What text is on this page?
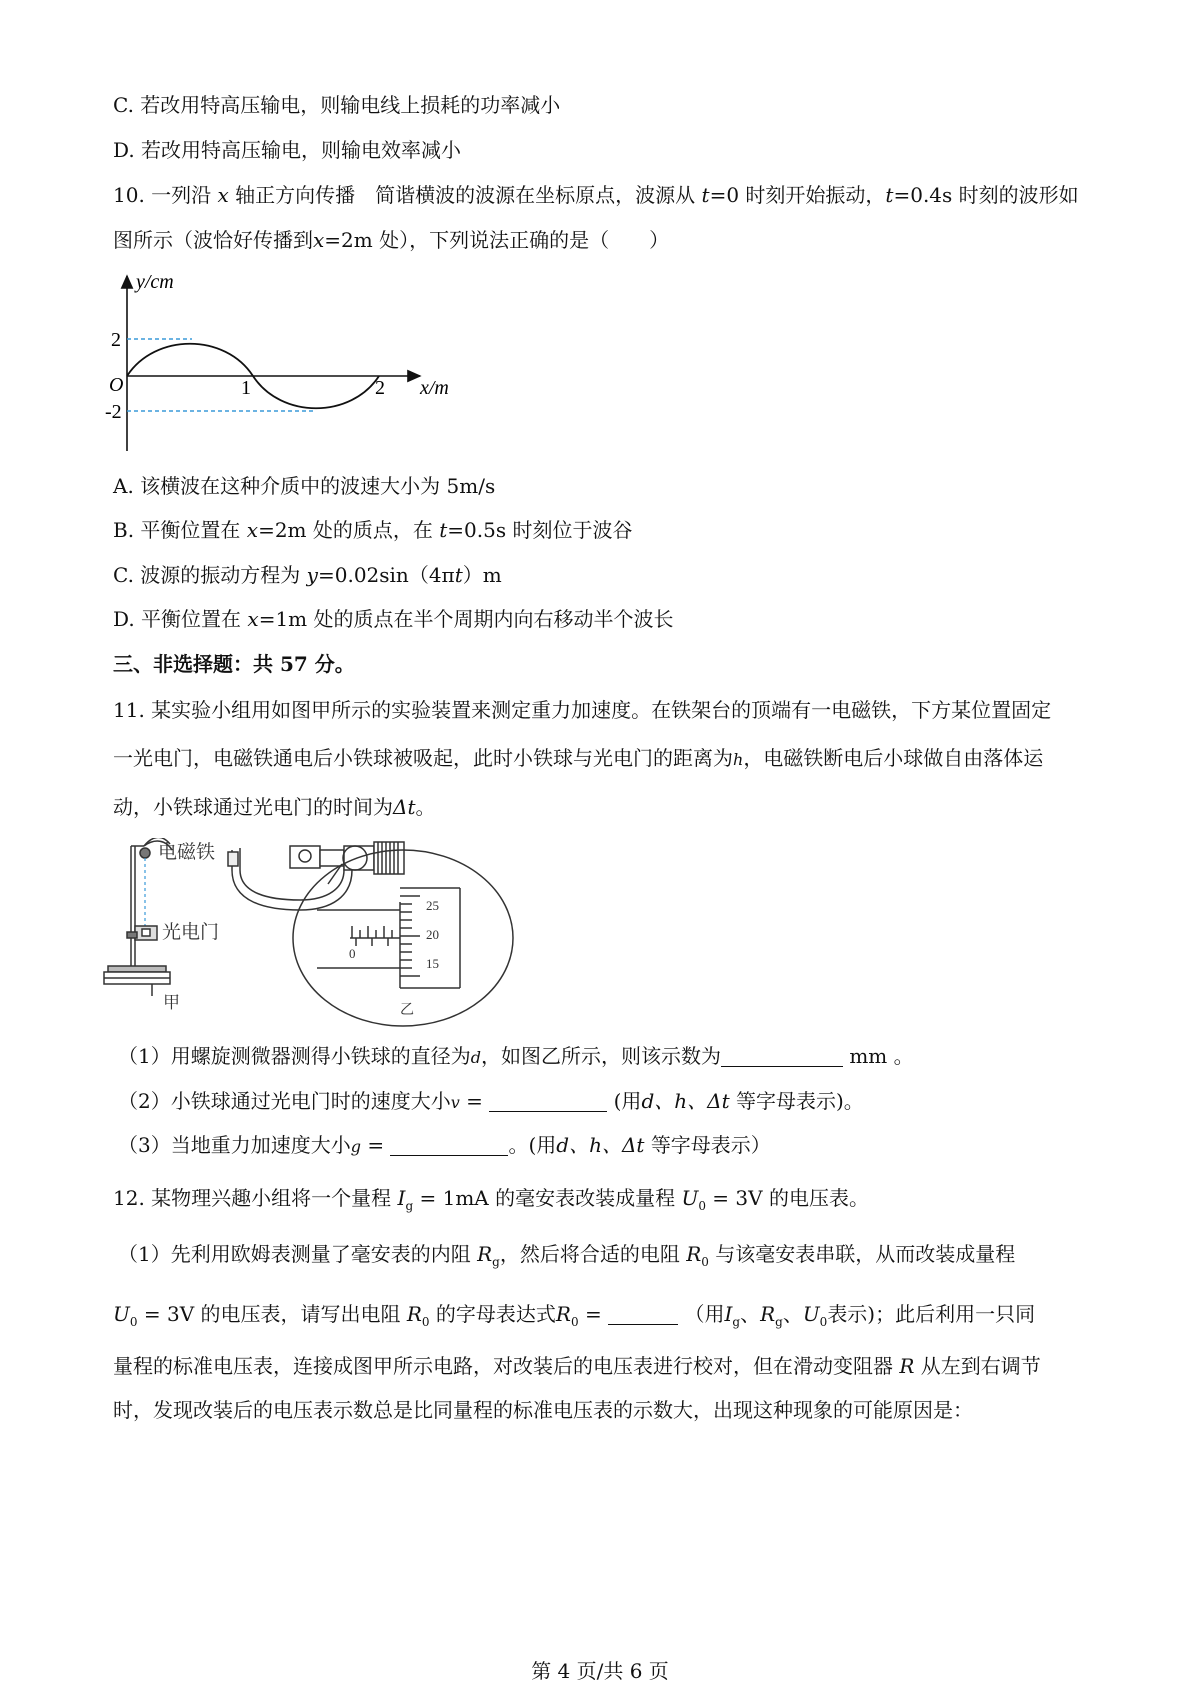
C. 若改用特高压输电，则输电线上损耗的功率减小
D. 若改用特高压输电，则输电效率减小
10. 一列沿 x 轴正方向传播　简谐横波的波源在坐标原点，波源从 t=0 时刻开始振动，t=0.4s 时刻的波形如
图所示（波恰好传播到x=2m 处），下列说法正确的是（　　）
y/cm
x/m
O
2
-2
1	2
A. 该横波在这种介质中的波速大小为 5m/s
B. 平衡位置在 x=2m 处的质点，在 t=0.5s 时刻位于波谷
C. 波源的振动方程为 y=0.02sin（4πt）m
D. 平衡位置在 x=1m 处的质点在半个周期内向右移动半个波长
三、非选择题：共 57 分。
11. 某实验小组用如图甲所示的实验装置来测定重力加速度。在铁架台的顶端有一电磁铁，下方某位置固定
一光电门，电磁铁通电后小铁球被吸起，此时小铁球与光电门的距离为h，电磁铁断电后小球做自由落体运
动，小铁球通过光电门的时间为Δt。
电磁铁
光电门
甲
25
20
15
0
乙
（1）用螺旋测微器测得小铁球的直径为d，如图乙所示，则该示数为	mm 。
（2）小铁球通过光电门时的速度大小v =	(用d、h、Δt 等字母表示)。
（3）当地重力加速度大小g =	。(用d、h、Δt 等字母表示）
12. 某物理兴趣小组将一个量程 $I_g = 1mA$ 的毫安表改装成量程 $U_0 = 3V$ 的电压表。
（1）先利用欧姆表测量了毫安表的内阻 $R_g$，然后将合适的电阻 $R_0$ 与该毫安表串联，从而改装成量程
$U_0 = 3V$ 的电压表，请写出电阻 $R_0$ 的字母表达式$R_0$ =	（用$I_g$、$R_g$、$U_0$表示)；此后利用一只同
量程的标准电压表，连接成图甲所示电路，对改装后的电压表进行校对，但在滑动变阻器 R 从左到右调节
时，发现改装后的电压表示数总是比同量程的标准电压表的示数大，出现这种现象的可能原因是：
第 4 页/共 6 页
